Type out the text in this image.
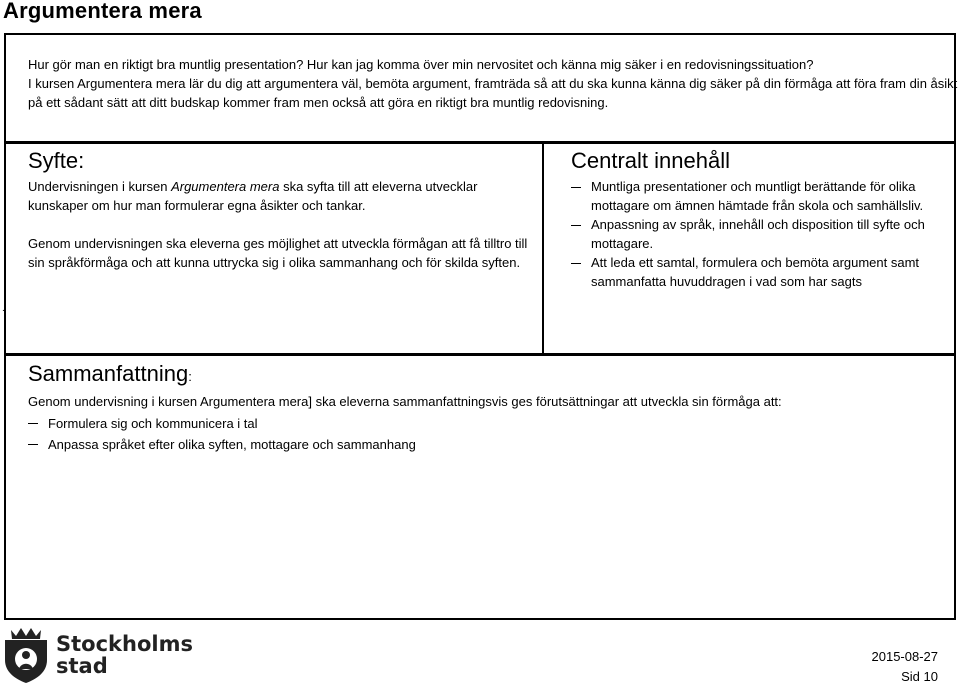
Argumentera mera

Hur gör man en riktigt bra muntlig presentation? Hur kan jag komma över min nervositet och känna mig säker i en redovisningssituation?

I kursen Argumentera mera lär du dig att argumentera väl, bemöta argument, framträda så att du ska kunna känna dig säker på din förmåga att föra fram din åsikt på ett sådant sätt att ditt budskap kommer fram men också att göra en riktigt bra muntlig redovisning.

Syfte:

Undervisningen i kursen Argumentera mera ska syfta till att eleverna utvecklar kunskaper om hur man formulerar egna åsikter och tankar.

Genom undervisningen ska eleverna ges möjlighet att utveckla förmågan att få tilltro till sin språkförmåga och att kunna uttrycka sig i olika sammanhang och för skilda syften.

Centralt innehåll
Muntliga presentationer och muntligt berättande för olika mottagare om ämnen hämtade från skola och samhällsliv.
Anpassning av språk, innehåll och disposition till syfte och mottagare.
Att leda ett samtal, formulera och bemöta argument samt sammanfatta huvuddragen i vad som har sagts
.
Sammanfattning:
Genom undervisning i kursen Argumentera mera] ska eleverna sammanfattningsvis ges förutsättningar att utveckla sin förmåga att:
Formulera sig och kommunicera i tal
Anpassa språket efter olika syften, mottagare och sammanhang
Stockholms
stad	2015-08-27
Sid 10
